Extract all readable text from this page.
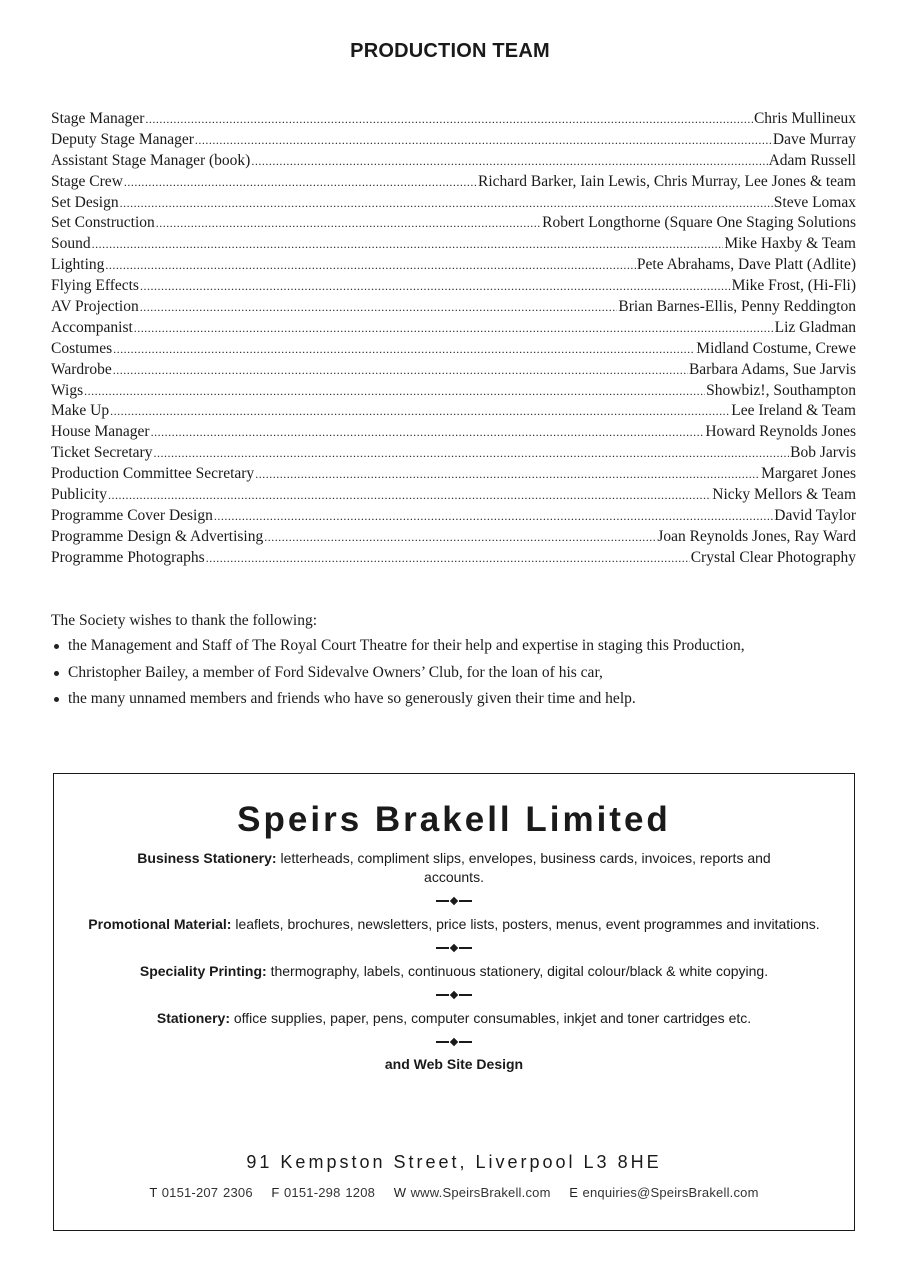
PRODUCTION TEAM
Stage Manager .....	Chris Mullineux
Deputy Stage Manager .....	Dave Murray
Assistant Stage Manager (book) .....	Adam Russell
Stage Crew .....	Richard Barker, Iain Lewis, Chris Murray, Lee Jones & team
Set Design .....	Steve Lomax
Set Construction .....	Robert Longthorne (Square One Staging Solutions
Sound .....	Mike Haxby & Team
Lighting .....	Pete Abrahams, Dave Platt (Adlite)
Flying Effects .....	Mike Frost, (Hi-Fli)
AV Projection .....	Brian Barnes-Ellis, Penny Reddington
Accompanist .....	Liz Gladman
Costumes .....	Midland Costume, Crewe
Wardrobe .....	Barbara Adams, Sue Jarvis
Wigs .....	Showbiz!, Southampton
Make Up .....	Lee Ireland & Team
House Manager .....	Howard Reynolds Jones
Ticket Secretary .....	Bob Jarvis
Production Committee Secretary .....	Margaret Jones
Publicity .....	Nicky Mellors & Team
Programme Cover Design .....	David Taylor
Programme Design & Advertising .....	Joan Reynolds Jones, Ray Ward
Programme Photographs .....	Crystal Clear Photography
The Society wishes to thank the following:
the Management and Staff of The Royal Court Theatre for their help and expertise in staging this Production,
Christopher Bailey, a member of Ford Sidevalve Owners’ Club, for the loan of his car,
the many unnamed members and friends who have so generously given their time and help.
Speirs Brakell Limited
Business Stationery: letterheads, compliment slips, envelopes, business cards, invoices, reports and accounts.
Promotional Material: leaflets, brochures, newsletters, price lists, posters, menus, event programmes and invitations.
Speciality Printing: thermography, labels, continuous stationery, digital colour/black & white copying.
Stationery: office supplies, paper, pens, computer consumables, inkjet and toner cartridges etc.
and Web Site Design
91 Kempston Street, Liverpool L3 8HE
T 0151-207 2306 F 0151-298 1208 W www.SpeirsBrakell.com E enquiries@SpeirsBrakell.com
